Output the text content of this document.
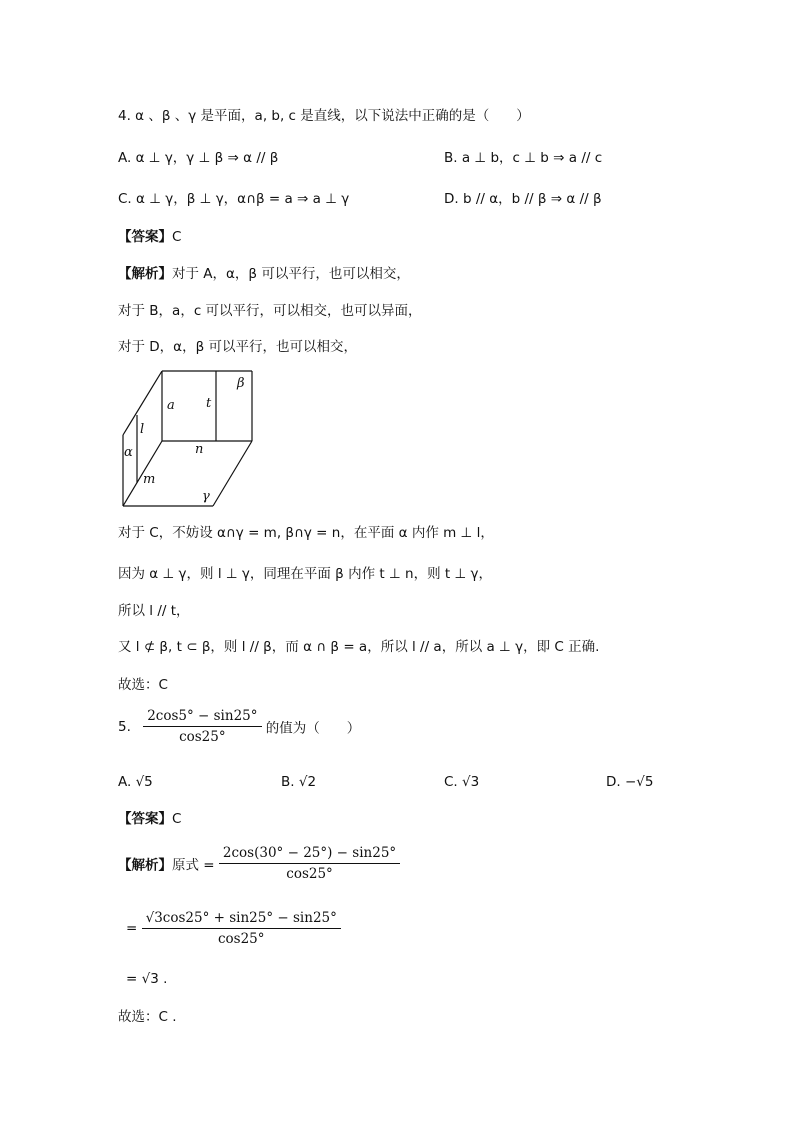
4. α 、β 、γ 是平面，a, b, c 是直线，以下说法中正确的是（　　）
A. α ⊥ γ，γ ⊥ β ⇒ α // β	B. a ⊥ b，c ⊥ b ⇒ a // c
C. α ⊥ γ，β ⊥ γ，α∩β = a ⇒ a ⊥ γ	D. b // α，b // β ⇒ α // β
【答案】C
【解析】对于 A，α，β 可以平行，也可以相交，
对于 B，a，c 可以平行，可以相交，也可以异面，
对于 D，α，β 可以平行，也可以相交，
β
a t
l
α	n
m
γ
对于 C，不妨设 α∩γ = m, β∩γ = n，在平面 α 内作 m ⊥ l，
因为 α ⊥ γ，则 l ⊥ γ，同理在平面 β 内作 t ⊥ n，则 t ⊥ γ，
所以 l // t，
又 l ⊄ β, t ⊂ β，则 l // β，而 α ∩ β = a，所以 l // a，所以 a ⊥ γ，即 C 正确.
故选：C
5. $\frac{2\cos 5^\circ - \sin 25^\circ}{\cos 25^\circ}$ 的值为（　　）
A. √5	B. √2	C. √3	D. −√5
【答案】C
【解析】原式 = $\frac{2\cos(30^\circ - 25^\circ) - \sin 25^\circ}{\cos 25^\circ}$
= $\frac{√3\cos 25^\circ + \sin 25^\circ - \sin 25^\circ}{\cos 25^\circ}$
= √3 .
故选：C .
